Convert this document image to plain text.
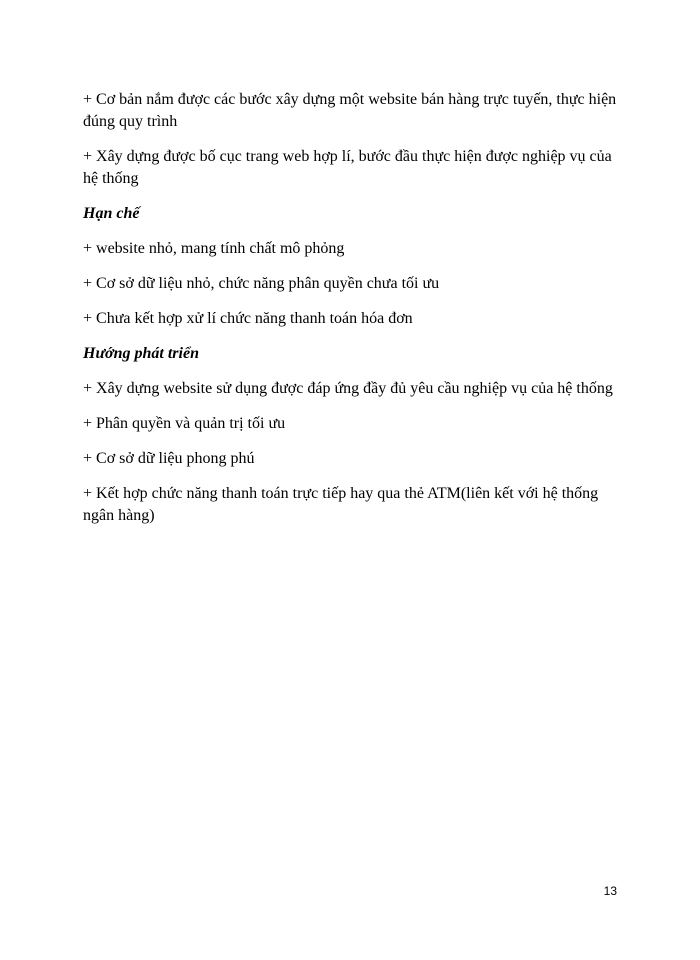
+ Cơ bản nắm được các bước xây dựng một website bán hàng trực tuyến, thực hiện đúng quy trình

+ Xây dựng được bố cục trang web hợp lí, bước đầu thực hiện được nghiệp vụ của hệ thống

Hạn chế

+ website nhỏ, mang tính chất mô phỏng

+ Cơ sở dữ liệu nhỏ, chức năng phân quyền chưa tối ưu

+ Chưa kết hợp xử lí chức năng thanh toán hóa đơn

Hướng phát triển

+ Xây dựng website sử dụng được đáp ứng đầy đủ yêu cầu nghiệp vụ của hệ thống

+ Phân quyền và quản trị tối ưu

+ Cơ sở dữ liệu phong phú

+ Kết hợp chức năng thanh toán trực tiếp hay qua thẻ ATM(liên kết với hệ thống ngân hàng)

13
